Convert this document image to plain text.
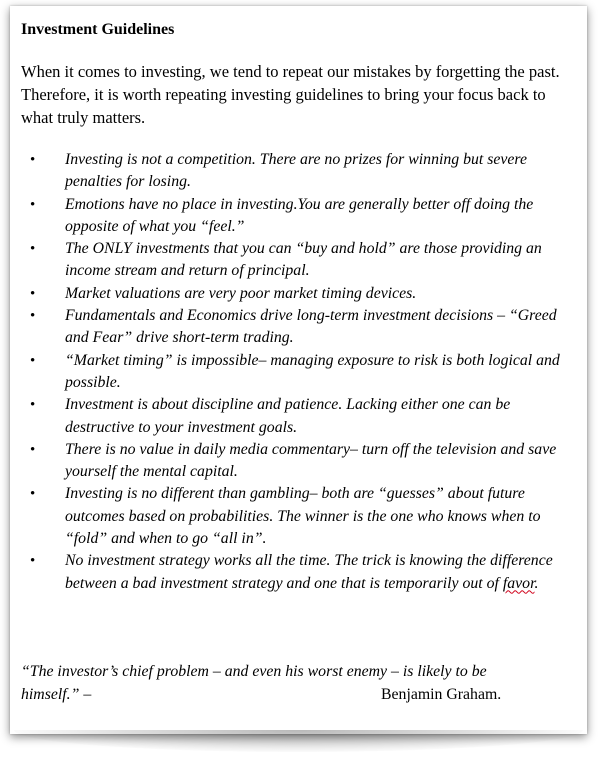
Investment Guidelines
When it comes to investing, we tend to repeat our mistakes by forgetting the past. Therefore, it is worth repeating investing guidelines to bring your focus back to what truly matters.
• Investing is not a competition. There are no prizes for winning but severe penalties for losing.
• Emotions have no place in investing.You are generally better off doing the opposite of what you “feel.”
• The ONLY investments that you can “buy and hold” are those providing an income stream and return of principal.
• Market valuations are very poor market timing devices.
• Fundamentals and Economics drive long-term investment decisions – “Greed and Fear” drive short-term trading.
• “Market timing” is impossible– managing exposure to risk is both logical and possible.
• Investment is about discipline and patience. Lacking either one can be destructive to your investment goals.
• There is no value in daily media commentary– turn off the television and save yourself the mental capital.
• Investing is no different than gambling– both are “guesses” about future outcomes based on probabilities. The winner is the one who knows when to “fold” and when to go “all in”.
• No investment strategy works all the time. The trick is knowing the difference between a bad investment strategy and one that is temporarily out of favor.
“The investor’s chief problem – and even his worst enemy – is likely to be
himself.” –	Benjamin Graham.
